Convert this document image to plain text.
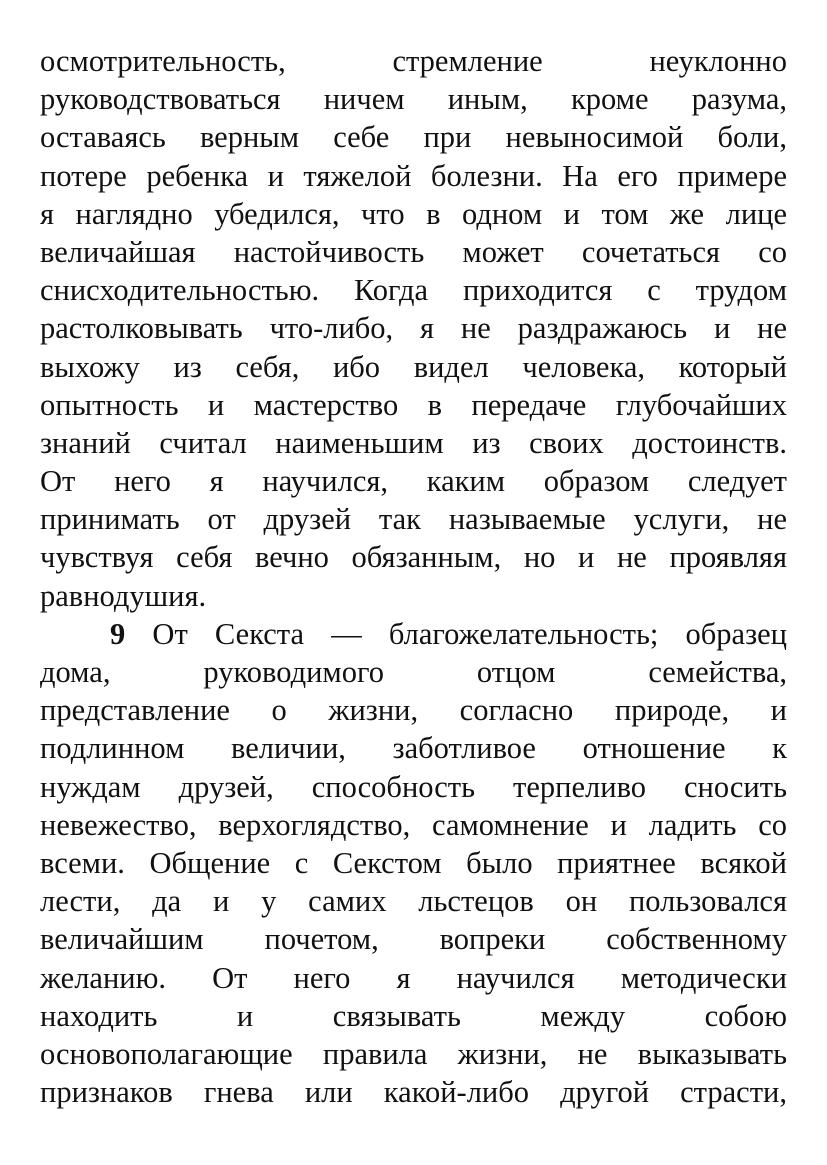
осмотрительность, стремление неуклонно
руководствоваться ничем иным, кроме разума,
оставаясь верным себе при невыносимой боли,
потере ребенка и тяжелой болезни. На его примере
я наглядно убедился, что в одном и том же лице
величайшая настойчивость может сочетаться со
снисходительностью. Когда приходится с трудом
растолковывать что-либо, я не раздражаюсь и не
выхожу из себя, ибо видел человека, который
опытность и мастерство в передаче глубочайших
знаний считал наименьшим из своих достоинств.
От него я научился, каким образом следует
принимать от друзей так называемые услуги, не
чувствуя себя вечно обязанным, но и не проявляя
равнодушия.
9 От Секста — благожелательность; образец
дома, руководимого отцом семейства,
представление о жизни, согласно природе, и
подлинном величии, заботливое отношение к
нуждам друзей, способность терпеливо сносить
невежество, верхоглядство, самомнение и ладить со
всеми. Общение с Секстом было приятнее всякой
лести, да и у самих льстецов он пользовался
величайшим почетом, вопреки собственному
желанию. От него я научился методически
находить и связывать между собою
основополагающие правила жизни, не выказывать
признаков гнева или какой-либо другой страсти,
